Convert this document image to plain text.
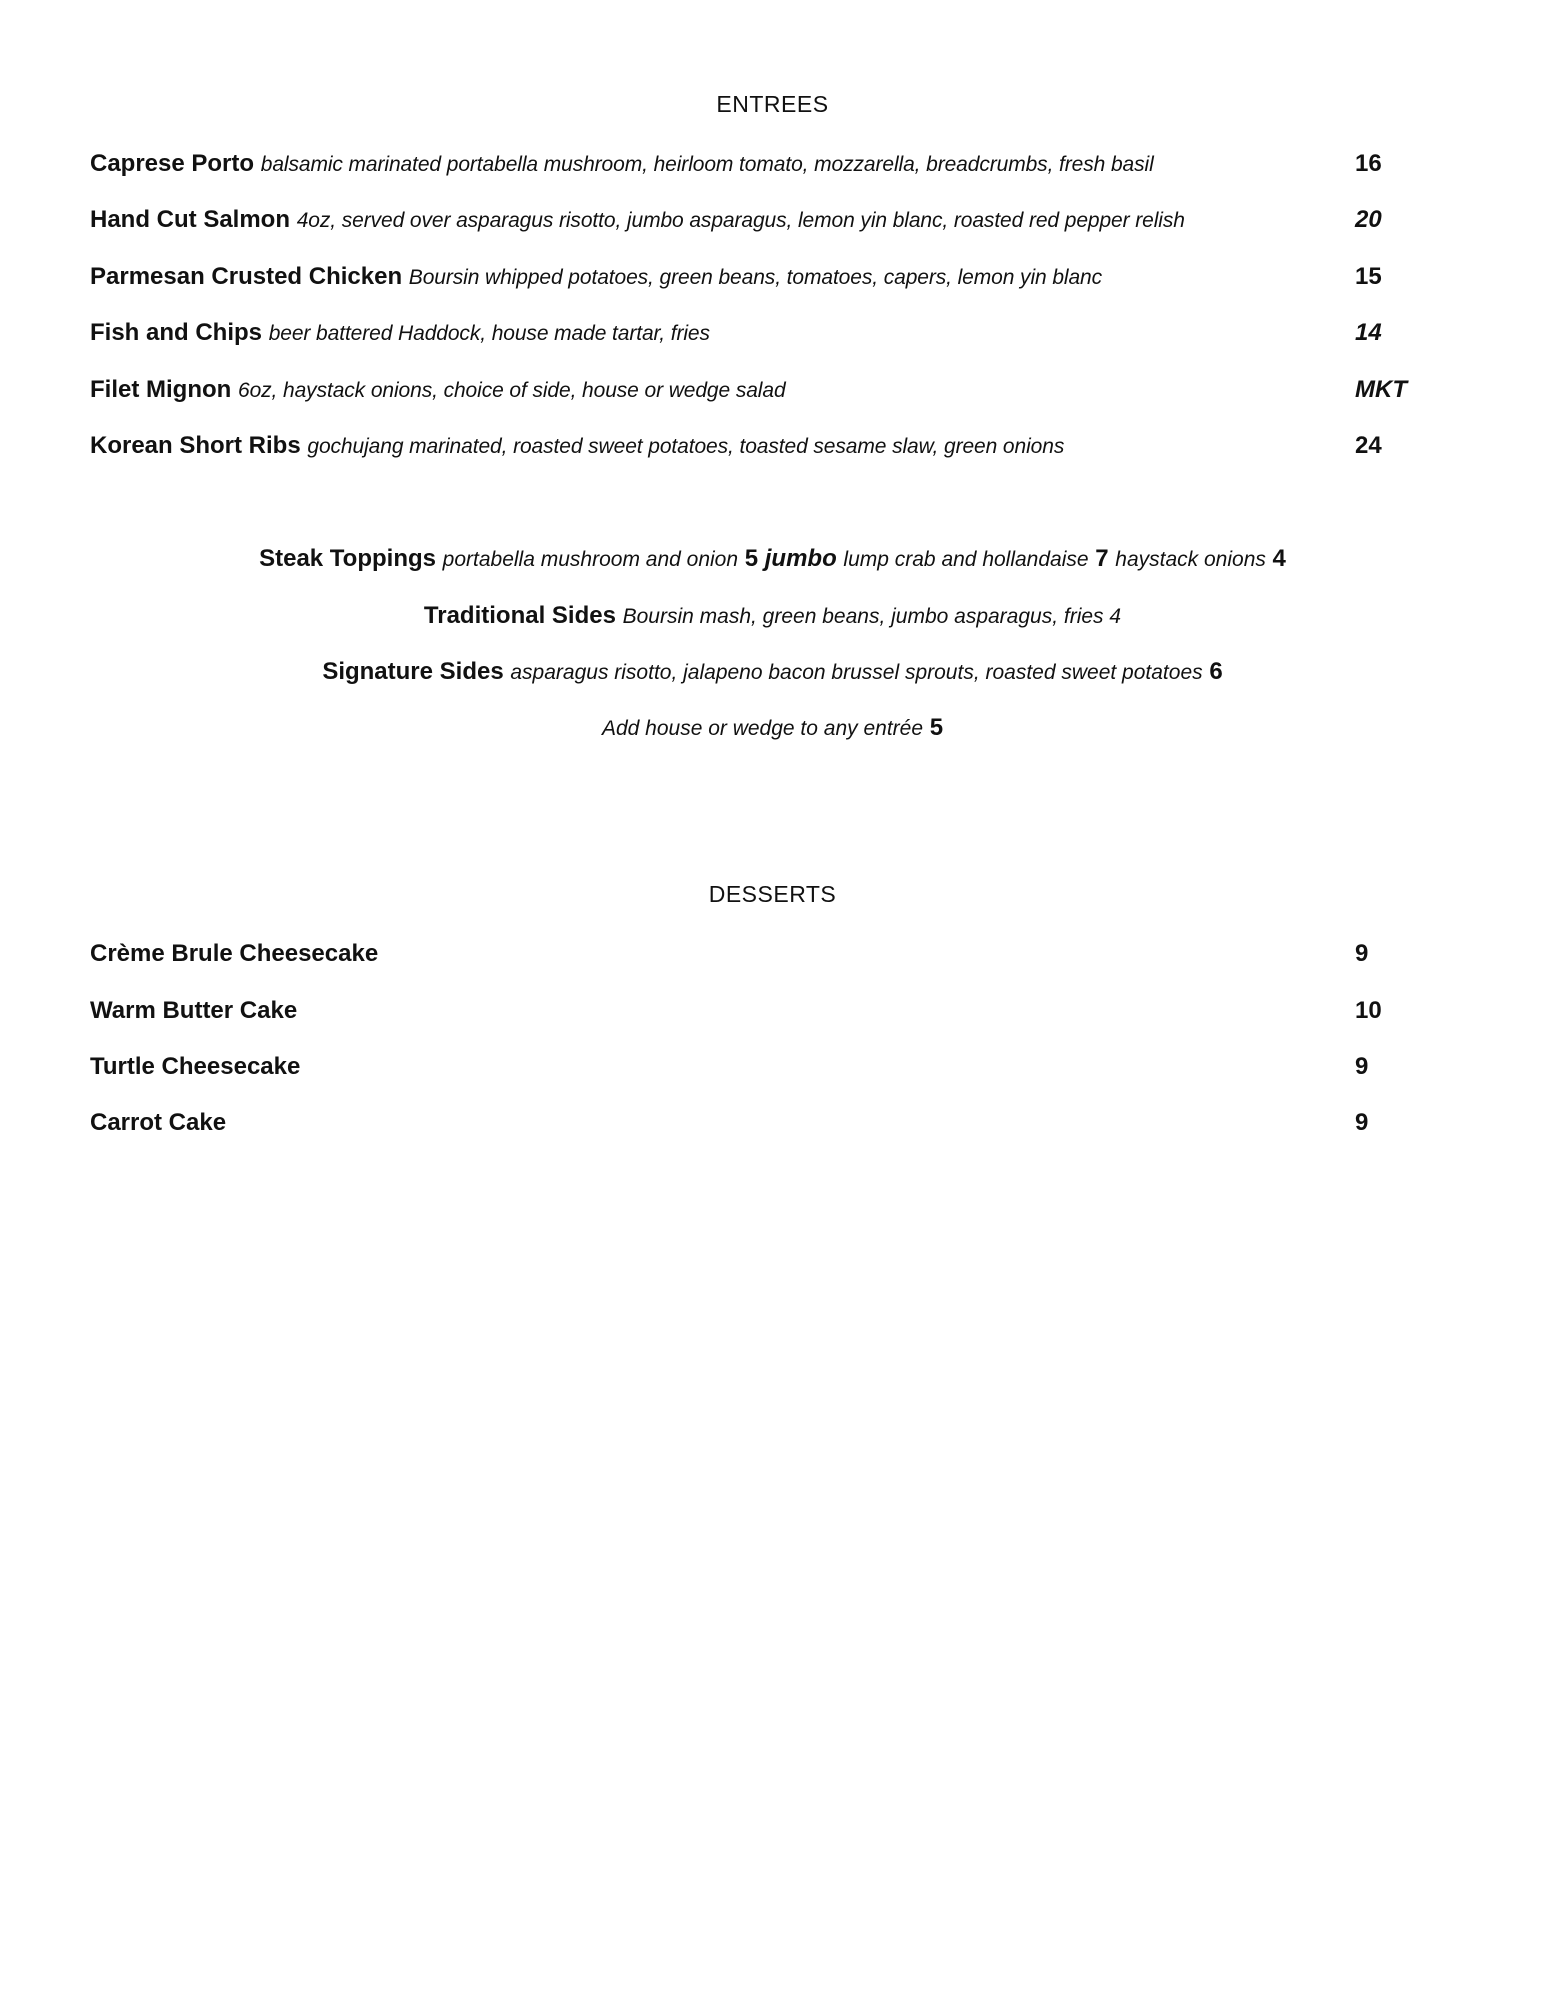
ENTREES
Caprese Porto balsamic marinated portabella mushroom, heirloom tomato, mozzarella, breadcrumbs, fresh basil	16
Hand Cut Salmon 4oz, served over asparagus risotto, jumbo asparagus, lemon yin blanc, roasted red pepper relish	20
Parmesan Crusted Chicken Boursin whipped potatoes, green beans, tomatoes, capers, lemon yin blanc	15
Fish and Chips beer battered Haddock, house made tartar, fries	14
Filet Mignon 6oz, haystack onions, choice of side, house or wedge salad	MKT
Korean Short Ribs gochujang marinated, roasted sweet potatoes, toasted sesame slaw, green onions	24
Steak Toppings portabella mushroom and onion 5 jumbo lump crab and hollandaise 7 haystack onions 4
Traditional Sides Boursin mash, green beans, jumbo asparagus, fries 4
Signature Sides asparagus risotto, jalapeno bacon brussel sprouts, roasted sweet potatoes 6
Add house or wedge to any entrée 5
DESSERTS
Crème Brule Cheesecake	9
Warm Butter Cake	10
Turtle Cheesecake	9
Carrot Cake	9
